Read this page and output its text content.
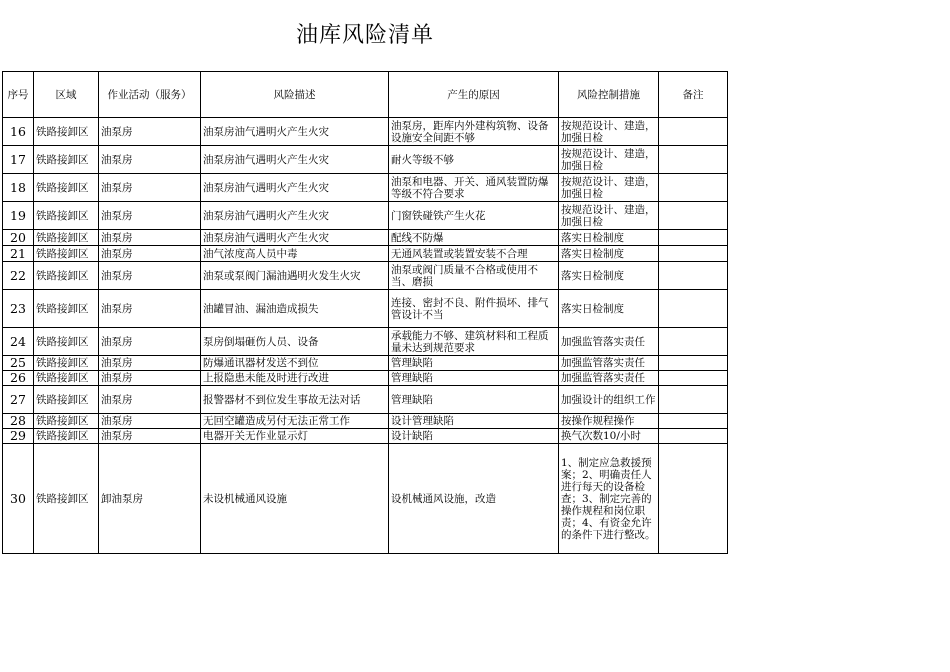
油库风险清单
序号	区域	作业活动（服务）	风险描述	产生的原因	风险控制措施	备注
16	铁路接卸区	油泵房	油泵房油气遇明火产生火灾	油泵房，距库内外建构筑物、设备设施安全间距不够	按规范设计、建造，加强日检	
17	铁路接卸区	油泵房	油泵房油气遇明火产生火灾	耐火等级不够	按规范设计、建造，加强日检	
18	铁路接卸区	油泵房	油泵房油气遇明火产生火灾	油泵和电器、开关、通风装置防爆等级不符合要求	按规范设计、建造，加强日检	
19	铁路接卸区	油泵房	油泵房油气遇明火产生火灾	门窗铁碰铁产生火花	按规范设计、建造，加强日检	
20	铁路接卸区	油泵房	油泵房油气遇明火产生火灾	配线不防爆	落实日检制度	
21	铁路接卸区	油泵房	油气浓度高人员中毒	无通风装置或装置安装不合理	落实日检制度	
22	铁路接卸区	油泵房	油泵或泵阀门漏油遇明火发生火灾	油泵或阀门质量不合格或使用不当、磨损	落实日检制度	
23	铁路接卸区	油泵房	油罐冒油、漏油造成损失	连接、密封不良、附件损坏、排气管设计不当	落实日检制度	
24	铁路接卸区	油泵房	泵房倒塌砸伤人员、设备	承载能力不够、建筑材料和工程质量未达到规范要求	加强监管落实责任	
25	铁路接卸区	油泵房	防爆通讯器材发送不到位	管理缺陷	加强监管落实责任	
26	铁路接卸区	油泵房	上报隐患未能及时进行改进	管理缺陷	加强监管落实责任	
27	铁路接卸区	油泵房	报警器材不到位发生事故无法对话	管理缺陷	加强设计的组织工作	
28	铁路接卸区	油泵房	无回空罐造成另付无法正常工作	设计管理缺陷	按操作规程操作	
29	铁路接卸区	油泵房	电器开关无作业显示灯	设计缺陷	换气次数10/小时	
30	铁路接卸区	卸油泵房	未设机械通风设施	设机械通风设施，改造	1、制定应急救援预案；2、明确责任人进行每天的设备检查；3、制定完善的操作规程和岗位职责；4、有资金允许的条件下进行整改。	
